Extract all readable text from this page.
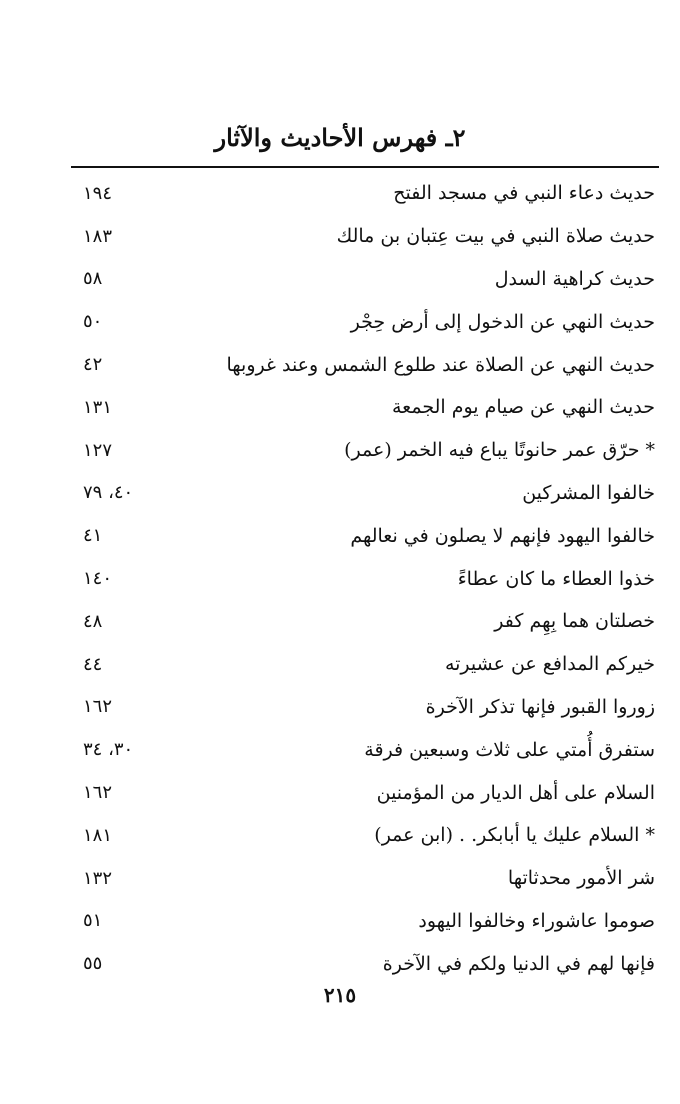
٢ـ فهرس الأحاديث والآثار
حديث دعاء النبي في مسجد الفتح
١٩٤
حديث صلاة النبي في بيت عِتبان بن مالك
١٨٣
حديث كراهية السدل
٥٨
حديث النهي عن الدخول إلى أرض حِجْر
٥٠
حديث النهي عن الصلاة عند طلوع الشمس وعند غروبها
٤٢
حديث النهي عن صيام يوم الجمعة
١٣١
* حرّق عمر حانوتًا يباع فيه الخمر (عمر)
١٢٧
خالفوا المشركين
٤٠، ٧٩
خالفوا اليهود فإنهم لا يصلون في نعالهم
٤١
خذوا العطاء ما كان عطاءً
١٤٠
خصلتان هما بِهِم كفر
٤٨
خيركم المدافع عن عشيرته
٤٤
زوروا القبور فإنها تذكر الآخرة
١٦٢
ستفرق أُمتي على ثلاث وسبعين فرقة
٣٠، ٣٤
السلام على أهل الديار من المؤمنين
١٦٢
* السلام عليك يا أبابكر. . (ابن عمر)
١٨١
شر الأمور محدثاتها
١٣٢
صوموا عاشوراء وخالفوا اليهود
٥١
فإنها لهم في الدنيا ولكم في الآخرة
٥٥
٢١٥
